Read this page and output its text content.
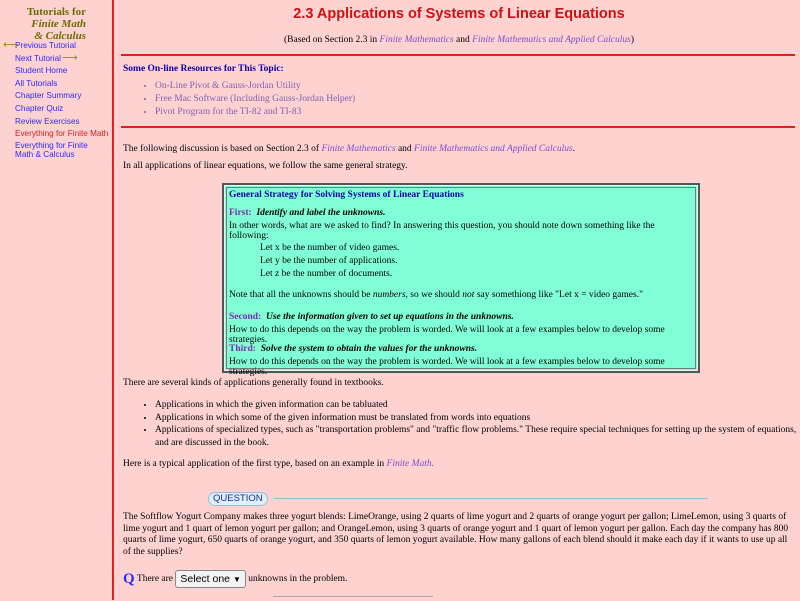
Tutorials for
Finite Math
& Calculus
⟵
Previous Tutorial
Next Tutorial ⟶
Student Home
All Tutorials
Chapter Summary
Chapter Quiz
Review Exercises
Everything for Finite Math
Everything for Finite Math & Calculus
2.3 Applications of Systems of Linear Equations
(Based on Section 2.3 in Finite Mathematics and Finite Mathematics and Applied Calculus)
Some On-line Resources for This Topic:
• On-Line Pivot & Gauss-Jordan Utility
• Free Mac Software (Including Gauss-Jordan Helper)
• Pivot Program for the TI-82 and TI-83
The following discussion is based on Section 2.3 of Finite Mathematics and Finite Mathematics and Applied Calculus.
In all applications of linear equations, we follow the same general strategy.
General Strategy for Solving Systems of Linear Equations
First: Identify and label the unknowns.
In other words, what are we asked to find? In answering this question, you should note down something like the following:
Let x be the number of video games.
Let y be the number of applications.
Let z be the number of documents.
Note that all the unknowns should be numbers, so we should not say somethiong like "Let x = video games."
Second: Use the information given to set up equations in the unknowns.
How to do this depends on the way the problem is worded. We will look at a few examples below to develop some strategies.
Third: Solve the system to obtain the values for the unknowns.
How to do this depends on the way the problem is worded. We will look at a few examples below to develop some strategies.
There are several kinds of applications generally found in textbooks.
• Applications in which the given information can be tabluated
• Applications in which some of the given information must be translated from words into equations
• Applications of specialized types, such as "transportation problems" and "traffic flow problems." These require special techniques for setting up the system of equations, and are discussed in the book.
Here is a typical application of the first type, based on an example in Finite Math.
QUESTION
The Softflow Yogurt Company makes three yogurt blends: LimeOrange, using 2 quarts of lime yogurt and 2 quarts of orange yogurt per gallon; LimeLemon, using 3 quarts of lime yogurt and 1 quart of lemon yogurt per gallon; and OrangeLemon, using 3 quarts of orange yogurt and 1 quart of lemon yogurt per gallon. Each day the company has 800 quarts of lime yogurt, 650 quarts of orange yogurt, and 350 quarts of lemon yogurt available. How many gallons of each blend should it make each day if it wants to use up all of the supplies?
Q There are Select one ▼ unknowns in the problem.
